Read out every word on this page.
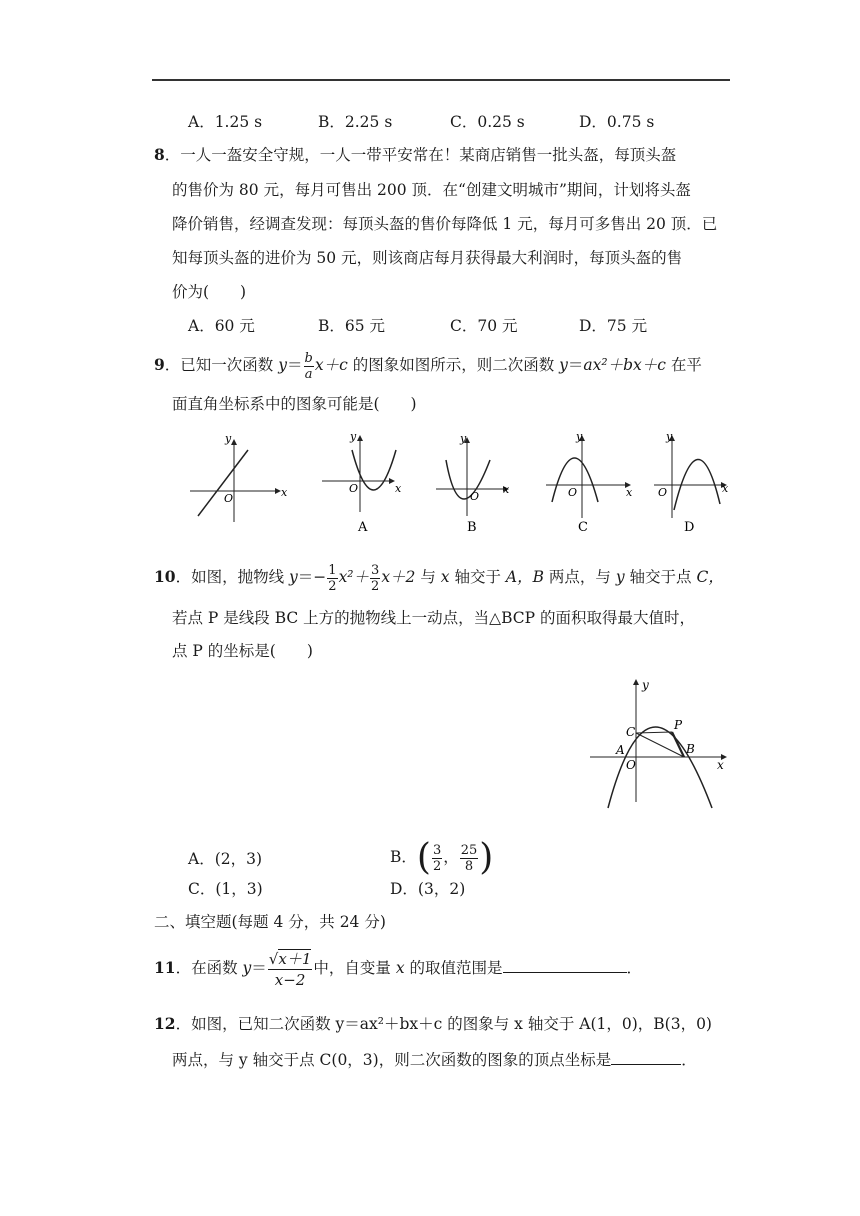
A．1.25 s	B．2.25 s	C．0.25 s	D．0.75 s
8．一人一盔安全守规，一人一带平安常在！某商店销售一批头盔，每顶头盔
的售价为 80 元，每月可售出 200 顶．在“创建文明城市”期间，计划将头盔
降价销售，经调查发现：每顶头盔的售价每降低 1 元，每月可多售出 20 顶．已
知每顶头盔的进价为 50 元，则该商店每月获得最大利润时，每顶头盔的售
价为(　　)
A．60 元	B．65 元	C．70 元	D．75 元
9．已知一次函数 $y= \frac{b}{a} x+c$ 的图象如图所示，则二次函数 y＝ax²＋bx＋c 在平
面直角坐标系中的图象可能是(　　)
y
x
O
y
x
O
A
y
x
O
B
y
x
O
C
y
x
O
D
10．如图，抛物线 $y=- \frac{1}{2} x^2+ \frac{3}{2} x+2$ 与 x 轴交于 A，B 两点，与 y 轴交于点 C，
若点 P 是线段 BC 上方的抛物线上一动点，当△BCP 的面积取得最大值时，
点 P 的坐标是(　　)
y
x
O
A	B
C	P
A．(2，3)	B．( $\frac{3}{2}$ ， $\frac{25}{8}$ )
C．(1，3)	D．(3，2)
二、填空题(每题 4 分，共 24 分)
11．在函数 $y= \frac{√x+1}{x-2}$ 中，自变量 x 的取值范围是	．
12．如图，已知二次函数 y＝ax²＋bx＋c 的图象与 x 轴交于 A(1，0)，B(3，0)
两点，与 y 轴交于点 C(0，3)，则二次函数的图象的顶点坐标是	．
